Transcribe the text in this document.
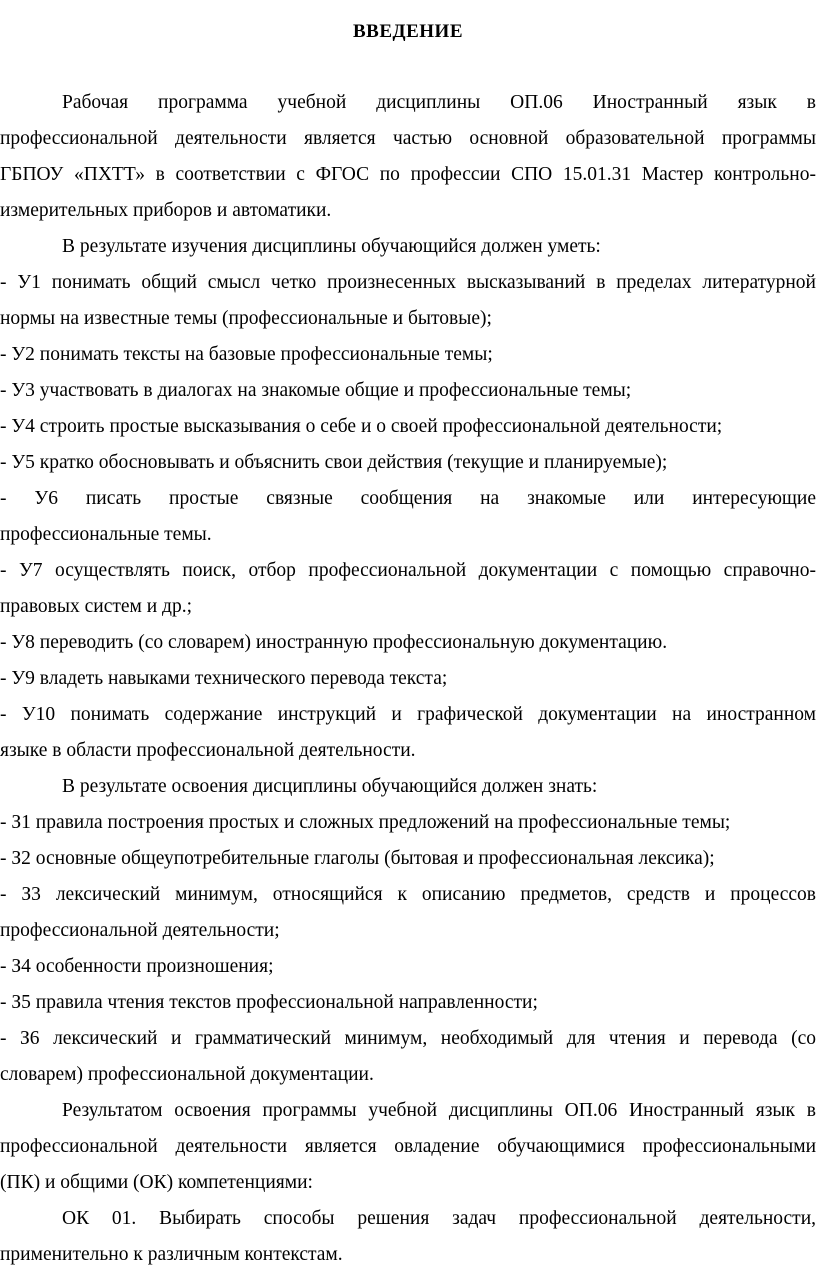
ВВЕДЕНИЕ
Рабочая программа учебной дисциплины ОП.06 Иностранный язык в
профессиональной деятельности является частью основной образовательной программы
ГБПОУ «ПХТТ» в соответствии с ФГОС по профессии СПО 15.01.31 Мастер контрольно-
измерительных приборов и автоматики.
В результате изучения дисциплины обучающийся должен уметь:
- У1 понимать общий смысл четко произнесенных высказываний в пределах литературной
нормы на известные темы (профессиональные и бытовые);
- У2 понимать тексты на базовые профессиональные темы;
- У3 участвовать в диалогах на знакомые общие и профессиональные темы;
- У4 строить простые высказывания о себе и о своей профессиональной деятельности;
- У5 кратко обосновывать и объяснить свои действия (текущие и планируемые);
- У6 писать простые связные сообщения на знакомые или интересующие
профессиональные темы.
- У7 осуществлять поиск, отбор профессиональной документации с помощью справочно-
правовых систем и др.;
- У8 переводить (со словарем) иностранную профессиональную документацию.
- У9 владеть навыками технического перевода текста;
- У10 понимать содержание инструкций и графической документации на иностранном
языке в области профессиональной деятельности.
В результате освоения дисциплины обучающийся должен знать:
- З1 правила построения простых и сложных предложений на профессиональные темы;
- З2 основные общеупотребительные глаголы (бытовая и профессиональная лексика);
- З3 лексический минимум, относящийся к описанию предметов, средств и процессов
профессиональной деятельности;
- З4 особенности произношения;
- З5 правила чтения текстов профессиональной направленности;
- З6 лексический и грамматический минимум, необходимый для чтения и перевода (со
словарем) профессиональной документации.
Результатом освоения программы учебной дисциплины ОП.06 Иностранный язык в
профессиональной деятельности является овладение обучающимися профессиональными
(ПК) и общими (ОК) компетенциями:
ОК 01. Выбирать способы решения задач профессиональной деятельности,
применительно к различным контекстам.
